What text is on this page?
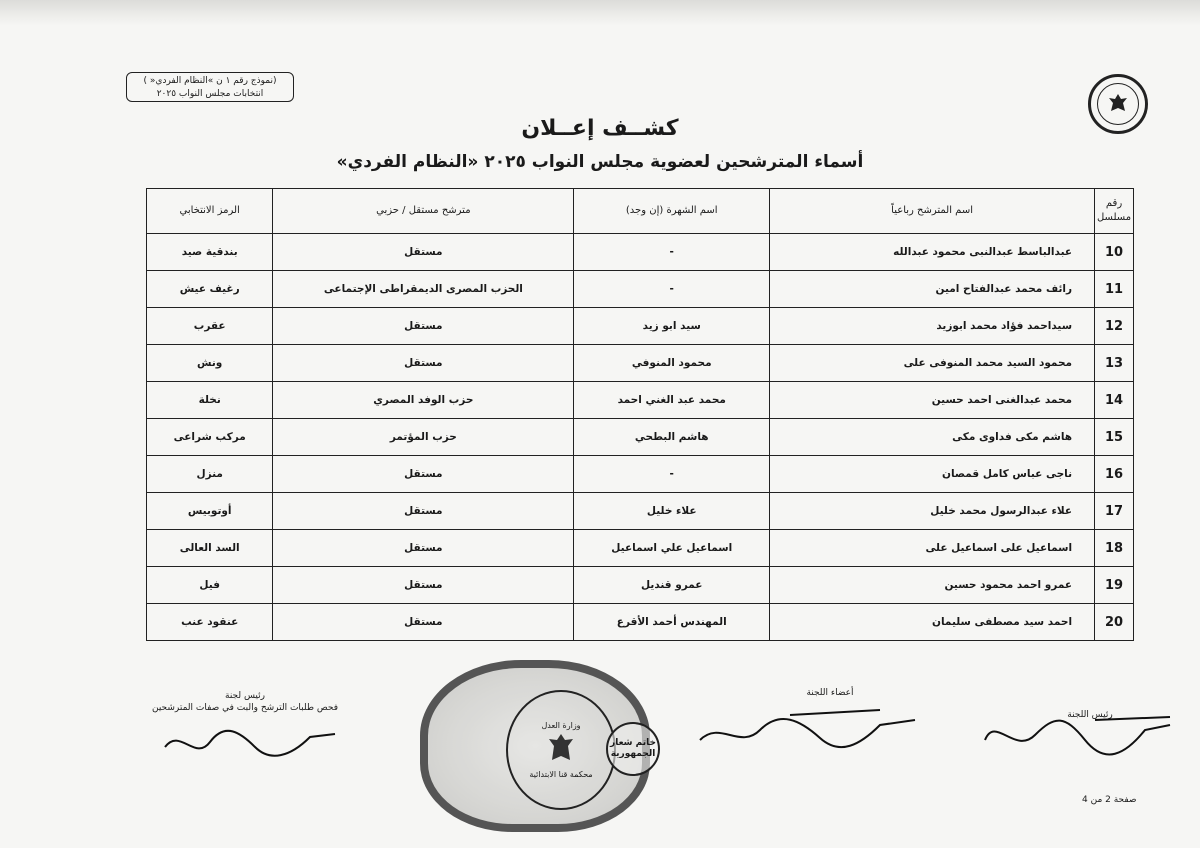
(نموذج رقم ١ ن »النظام الفردي« )
انتخابات مجلس النواب ٢٠٢٥
كشــف إعــلان
أسماء المترشحين لعضوية مجلس النواب ٢٠٢٥ «النظام الفردي»
رقم مسلسل	اسم المترشح رباعياً	اسم الشهرة (إن وجد)	مترشح مستقل / حزبي	الرمز الانتخابي
10	عبدالباسط عبدالنبى محمود عبدالله	-	مستقل	بندقية صيد
11	رائف محمد عبدالفتاح امين	-	الحزب المصرى الديمقراطى الإجتماعى	رغيف عيش
12	سيداحمد فؤاد محمد ابوزيد	سيد ابو زيد	مستقل	عقرب
13	محمود السيد محمد المنوفى على	محمود المنوفي	مستقل	ونش
14	محمد عبدالغنى احمد حسين	محمد عبد الغني احمد	حزب الوفد المصري	نخلة
15	هاشم مكى فداوى مكى	هاشم البطحي	حزب المؤتمر	مركب شراعى
16	ناجى عباس كامل قمصان	-	مستقل	منزل
17	علاء عبدالرسول محمد خليل	علاء خليل	مستقل	أوتوبيس
18	اسماعيل على اسماعيل على	اسماعيل علي اسماعيل	مستقل	السد العالى
19	عمرو احمد محمود حسين	عمرو قنديل	مستقل	فيل
20	احمد سيد مصطفى سليمان	المهندس أحمد الأقرع	مستقل	عنقود عنب
رئيس لجنة
فحص طلبات الترشح والبت في صفات المترشحين
وزارة العدل
محكمة قنا الابتدائية
خاتم شعار الجمهورية
أعضاء اللجنة
رئيس اللجنة
صفحة 2 من 4
